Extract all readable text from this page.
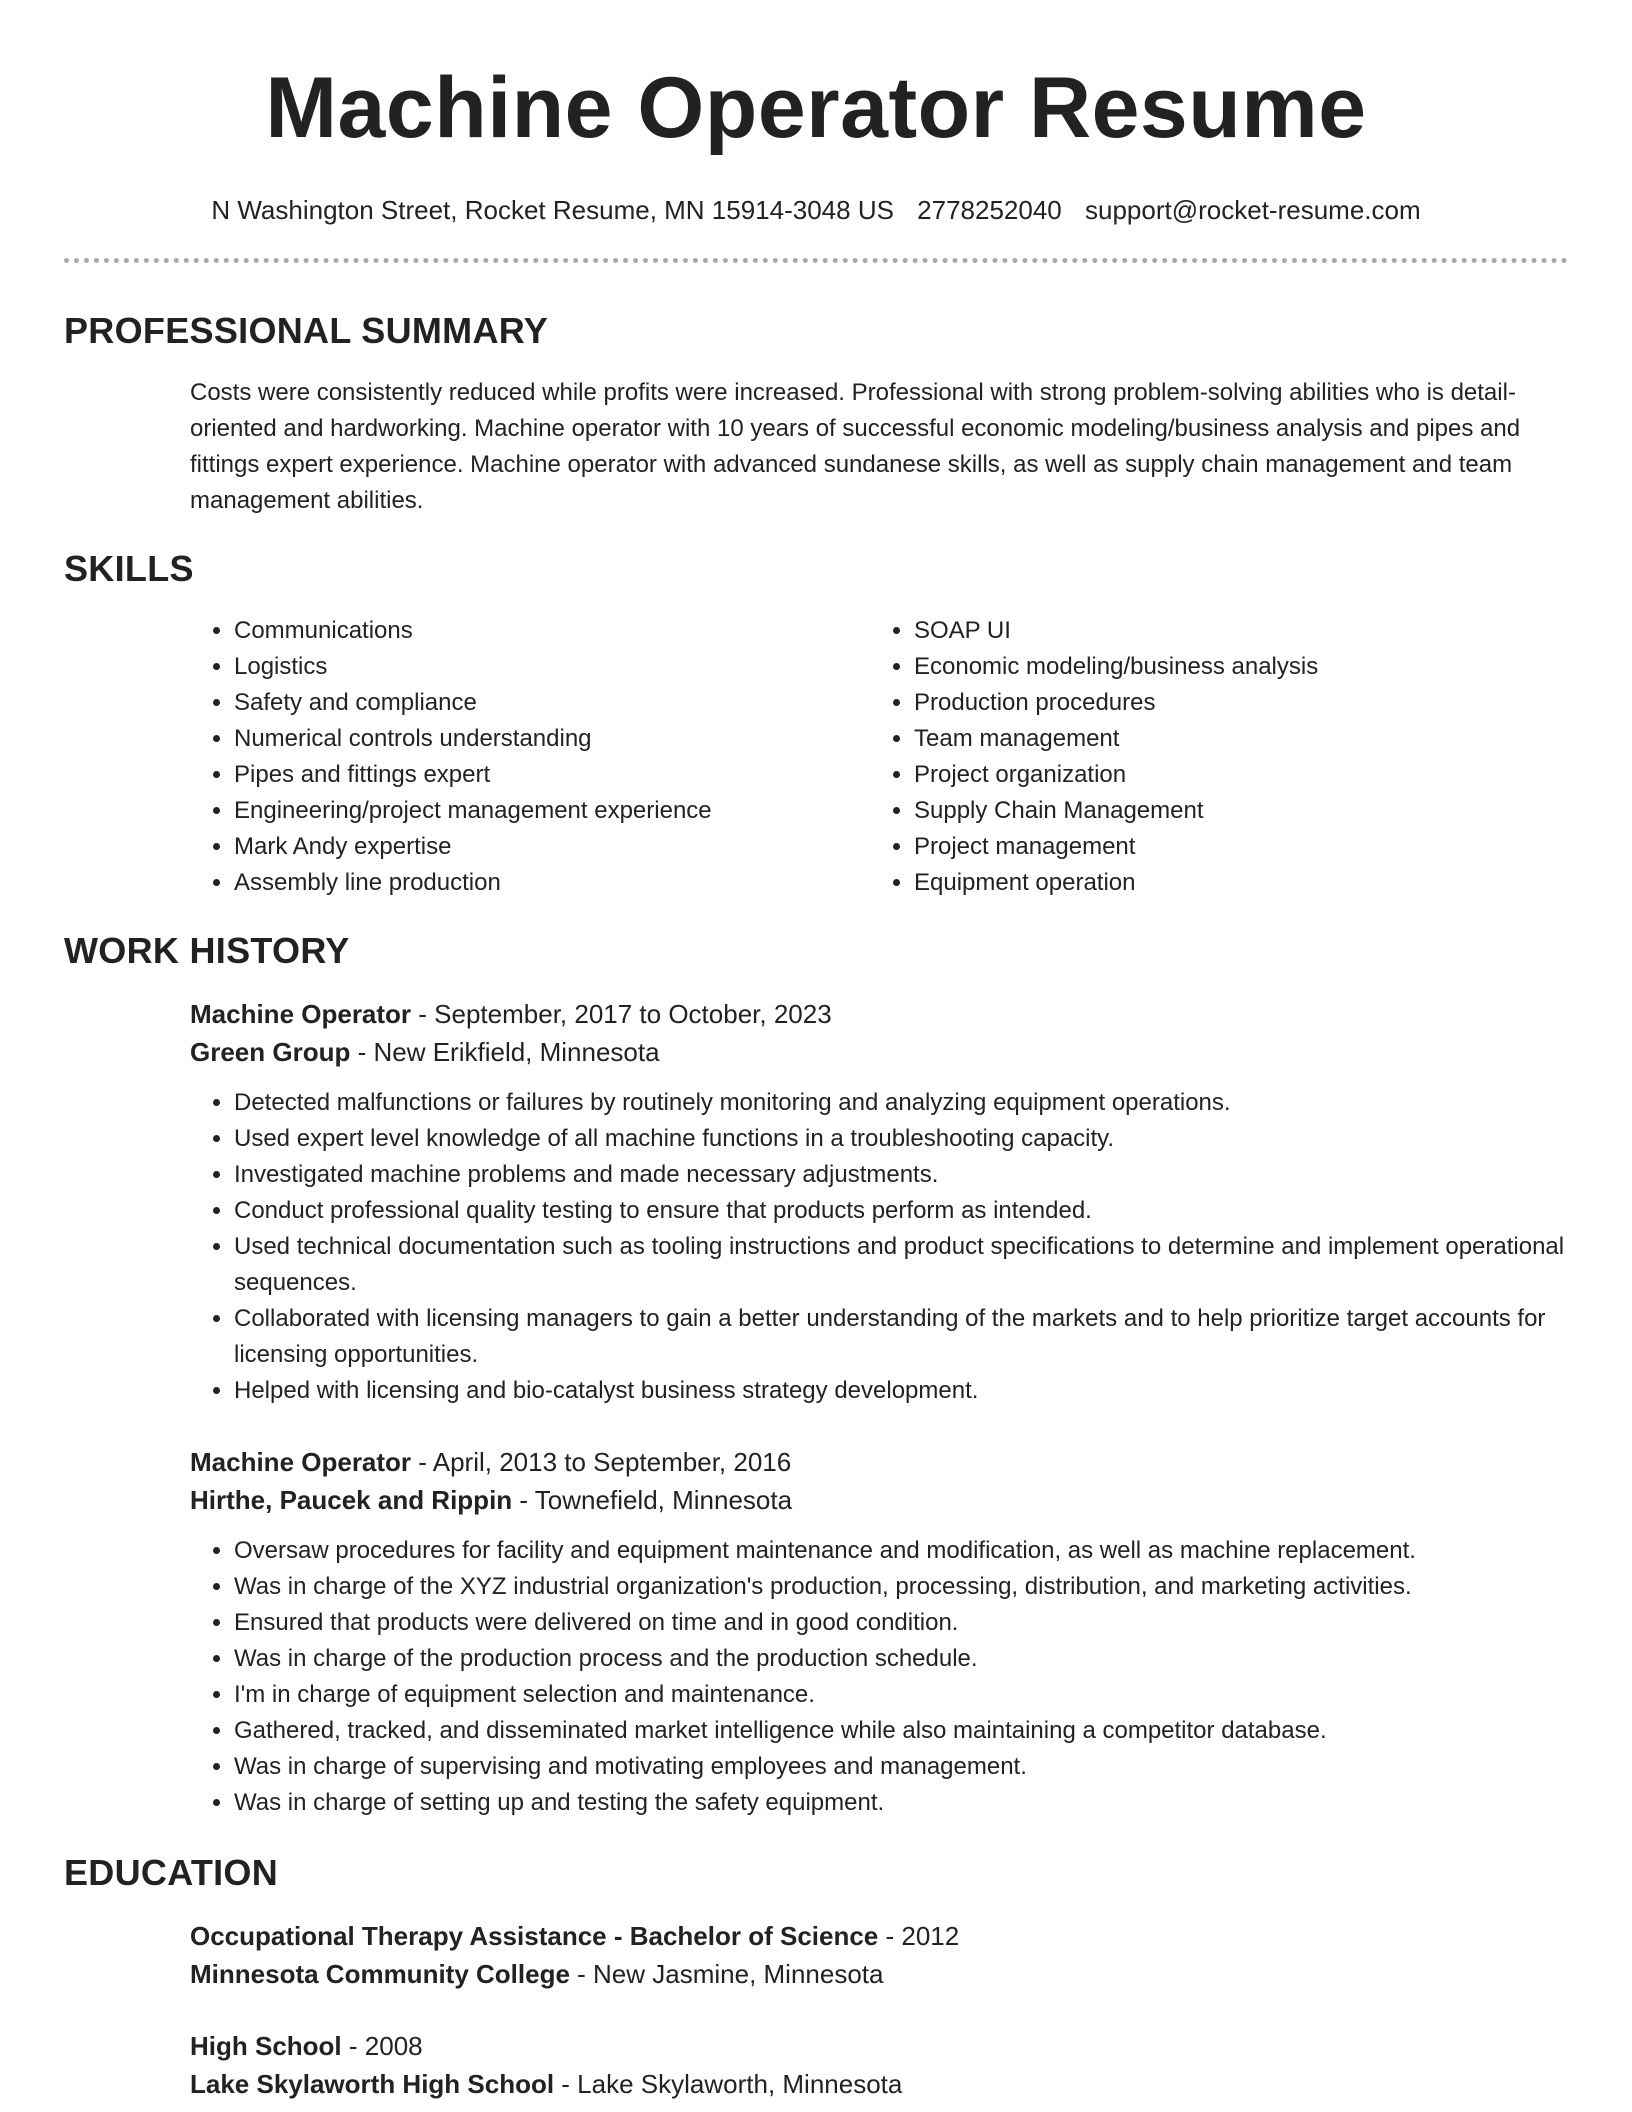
Machine Operator Resume
N Washington Street, Rocket Resume, MN 15914-3048 US 2778252040 support@rocket-resume.com
PROFESSIONAL SUMMARY
Costs were consistently reduced while profits were increased. Professional with strong problem-solving abilities who is detail-oriented and hardworking. Machine operator with 10 years of successful economic modeling/business analysis and pipes and fittings expert experience. Machine operator with advanced sundanese skills, as well as supply chain management and team management abilities.
SKILLS
• Communications
• Logistics
• Safety and compliance
• Numerical controls understanding
• Pipes and fittings expert
• Engineering/project management experience
• Mark Andy expertise
• Assembly line production
• SOAP UI
• Economic modeling/business analysis
• Production procedures
• Team management
• Project organization
• Supply Chain Management
• Project management
• Equipment operation
WORK HISTORY
Machine Operator - September, 2017 to October, 2023
Green Group - New Erikfield, Minnesota
• Detected malfunctions or failures by routinely monitoring and analyzing equipment operations.
• Used expert level knowledge of all machine functions in a troubleshooting capacity.
• Investigated machine problems and made necessary adjustments.
• Conduct professional quality testing to ensure that products perform as intended.
• Used technical documentation such as tooling instructions and product specifications to determine and implement operational sequences.
• Collaborated with licensing managers to gain a better understanding of the markets and to help prioritize target accounts for licensing opportunities.
• Helped with licensing and bio-catalyst business strategy development.
Machine Operator - April, 2013 to September, 2016
Hirthe, Paucek and Rippin - Townefield, Minnesota
• Oversaw procedures for facility and equipment maintenance and modification, as well as machine replacement.
• Was in charge of the XYZ industrial organization's production, processing, distribution, and marketing activities.
• Ensured that products were delivered on time and in good condition.
• Was in charge of the production process and the production schedule.
• I'm in charge of equipment selection and maintenance.
• Gathered, tracked, and disseminated market intelligence while also maintaining a competitor database.
• Was in charge of supervising and motivating employees and management.
• Was in charge of setting up and testing the safety equipment.
EDUCATION
Occupational Therapy Assistance - Bachelor of Science - 2012
Minnesota Community College - New Jasmine, Minnesota
High School - 2008
Lake Skylaworth High School - Lake Skylaworth, Minnesota
